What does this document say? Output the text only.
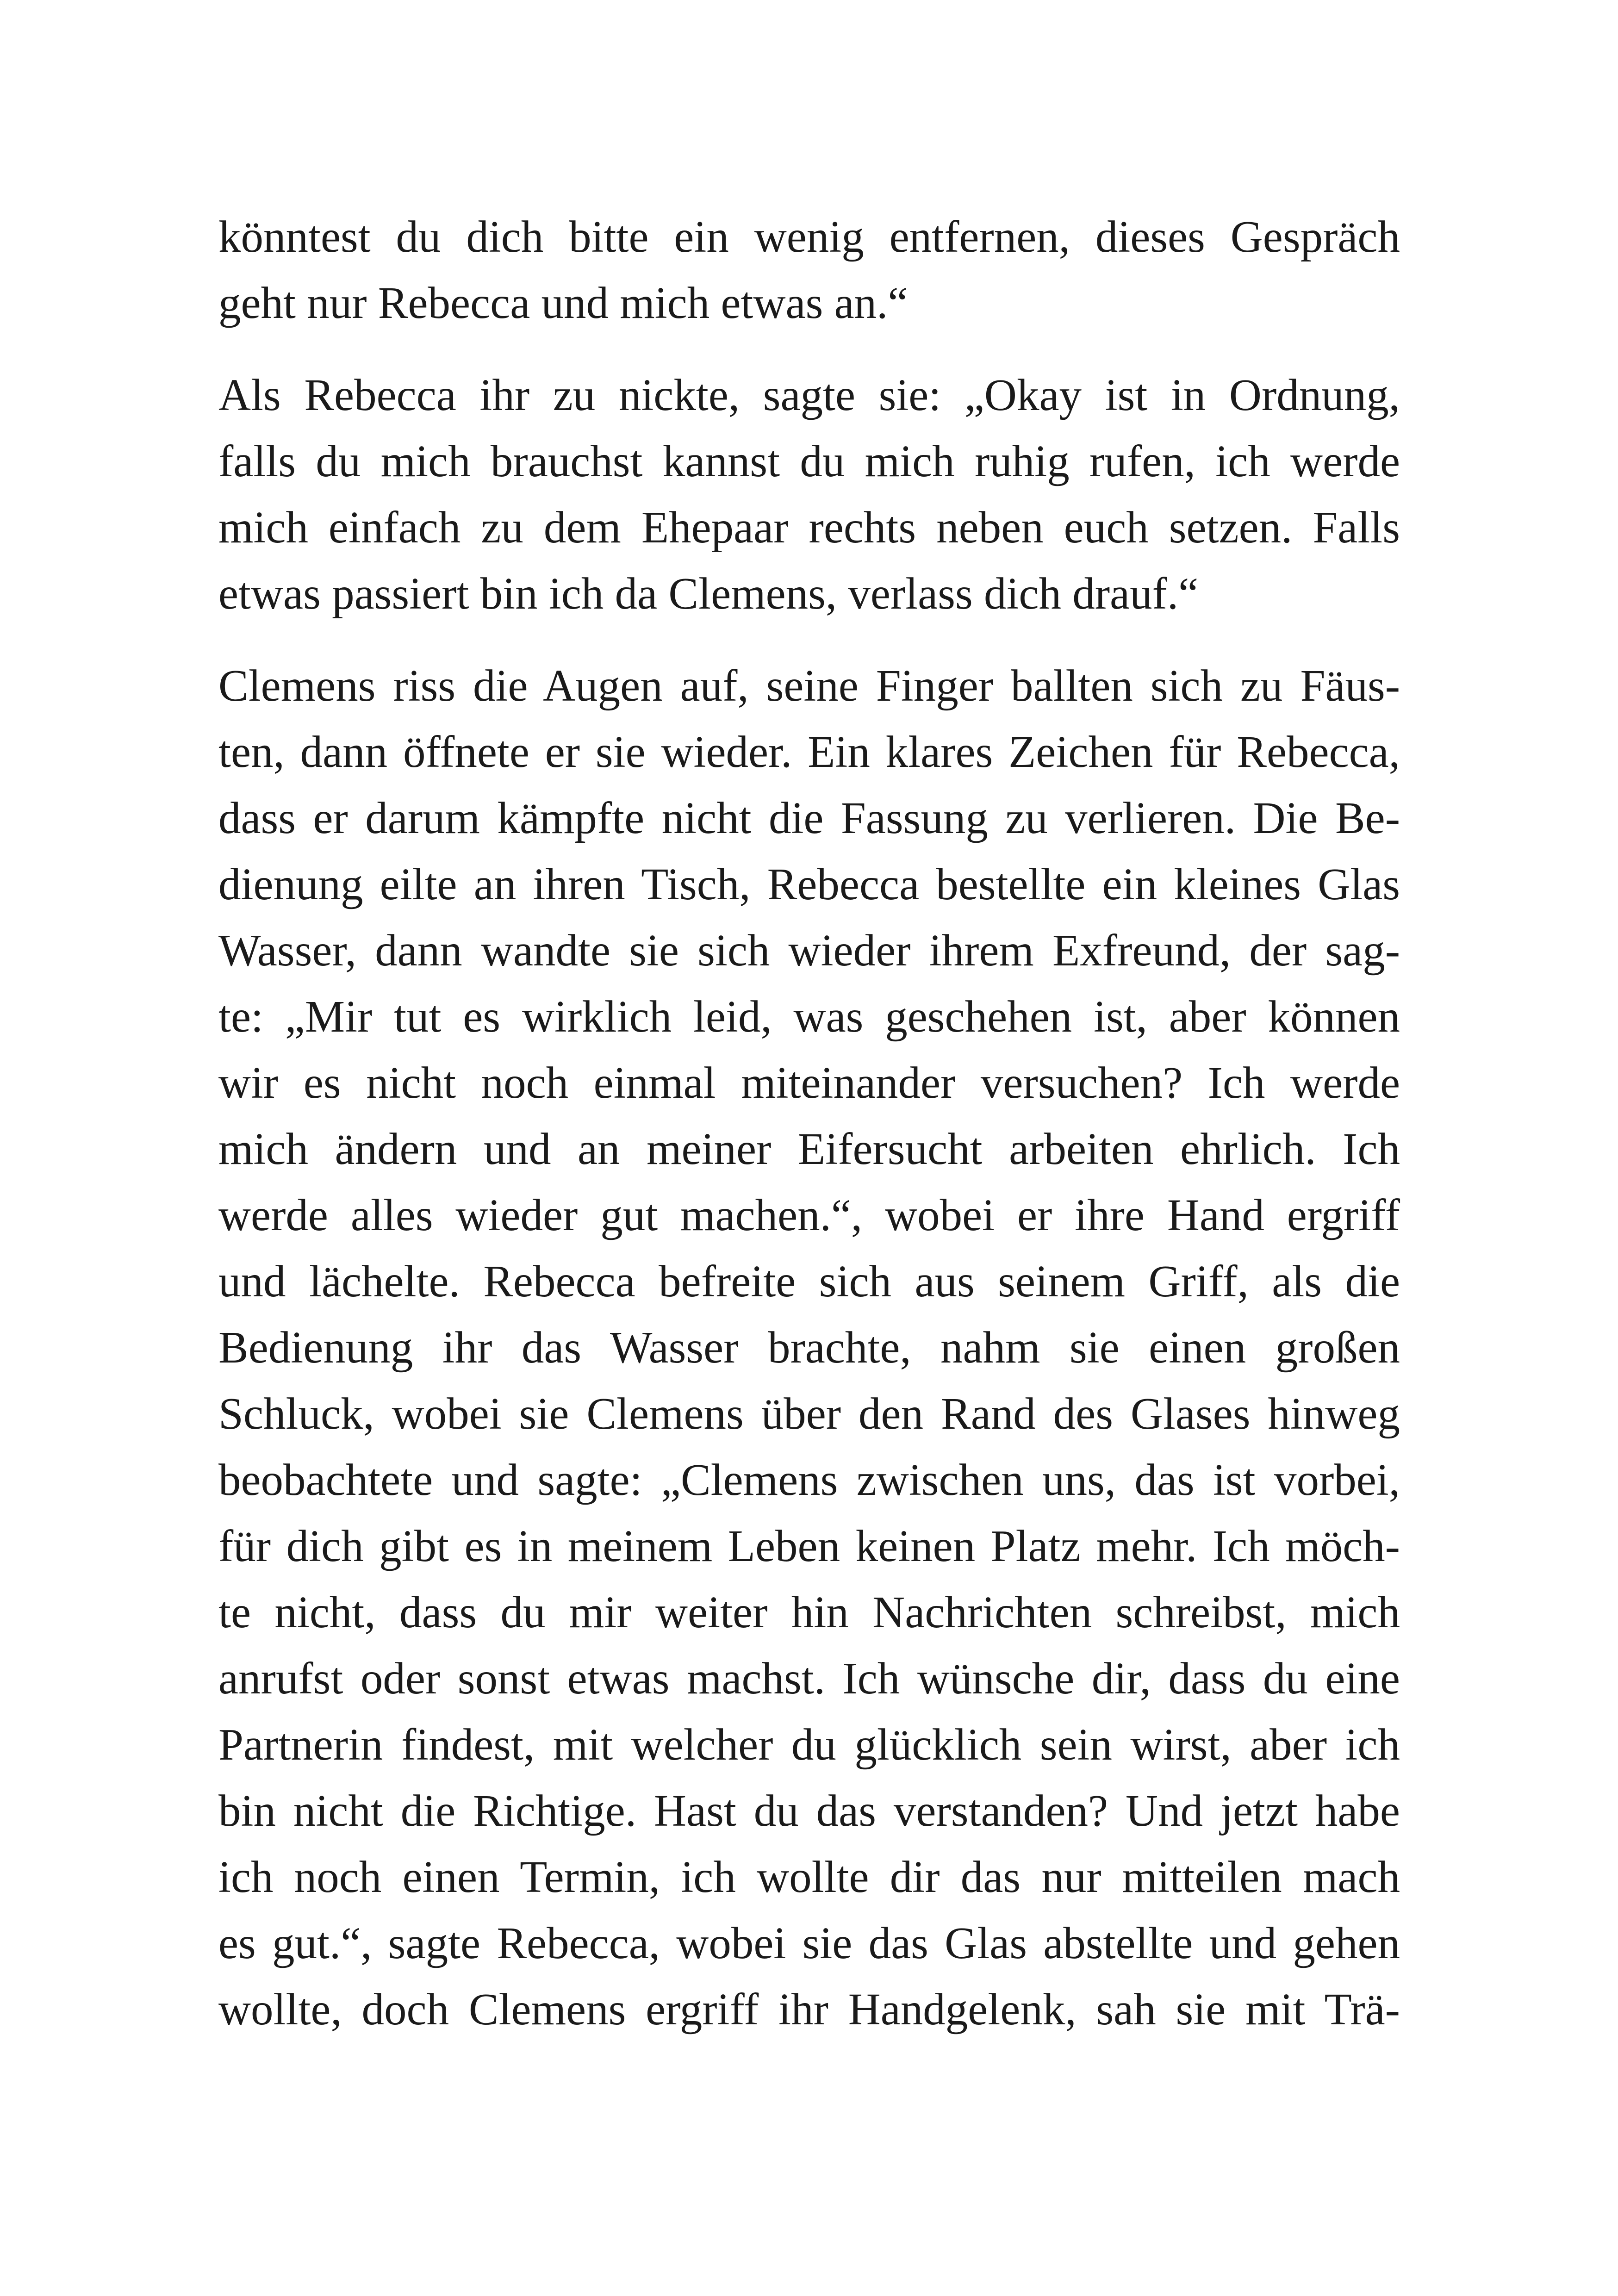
könntest du dich bitte ein wenig entfernen, dieses Gespräch
geht nur Rebecca und mich etwas an.“
Als Rebecca ihr zu nickte, sagte sie: „Okay ist in Ordnung,
falls du mich brauchst kannst du mich ruhig rufen, ich werde
mich einfach zu dem Ehepaar rechts neben euch setzen. Falls
etwas passiert bin ich da Clemens, verlass dich drauf.“
Clemens riss die Augen auf, seine Finger ballten sich zu Fäus-
ten, dann öffnete er sie wieder. Ein klares Zeichen für Rebecca,
dass er darum kämpfte nicht die Fassung zu verlieren. Die Be-
dienung eilte an ihren Tisch, Rebecca bestellte ein kleines Glas
Wasser, dann wandte sie sich wieder ihrem Exfreund, der sag-
te: „Mir tut es wirklich leid, was geschehen ist, aber können
wir es nicht noch einmal miteinander versuchen? Ich werde
mich ändern und an meiner Eifersucht arbeiten ehrlich. Ich
werde alles wieder gut machen.“, wobei er ihre Hand ergriff
und lächelte. Rebecca befreite sich aus seinem Griff, als die
Bedienung ihr das Wasser brachte, nahm sie einen großen
Schluck, wobei sie Clemens über den Rand des Glases hinweg
beobachtete und sagte: „Clemens zwischen uns, das ist vorbei,
für dich gibt es in meinem Leben keinen Platz mehr. Ich möch-
te nicht, dass du mir weiter hin Nachrichten schreibst, mich
anrufst oder sonst etwas machst. Ich wünsche dir, dass du eine
Partnerin findest, mit welcher du glücklich sein wirst, aber ich
bin nicht die Richtige. Hast du das verstanden? Und jetzt habe
ich noch einen Termin, ich wollte dir das nur mitteilen mach
es gut.“, sagte Rebecca, wobei sie das Glas abstellte und gehen
wollte, doch Clemens ergriff ihr Handgelenk, sah sie mit Trä-
